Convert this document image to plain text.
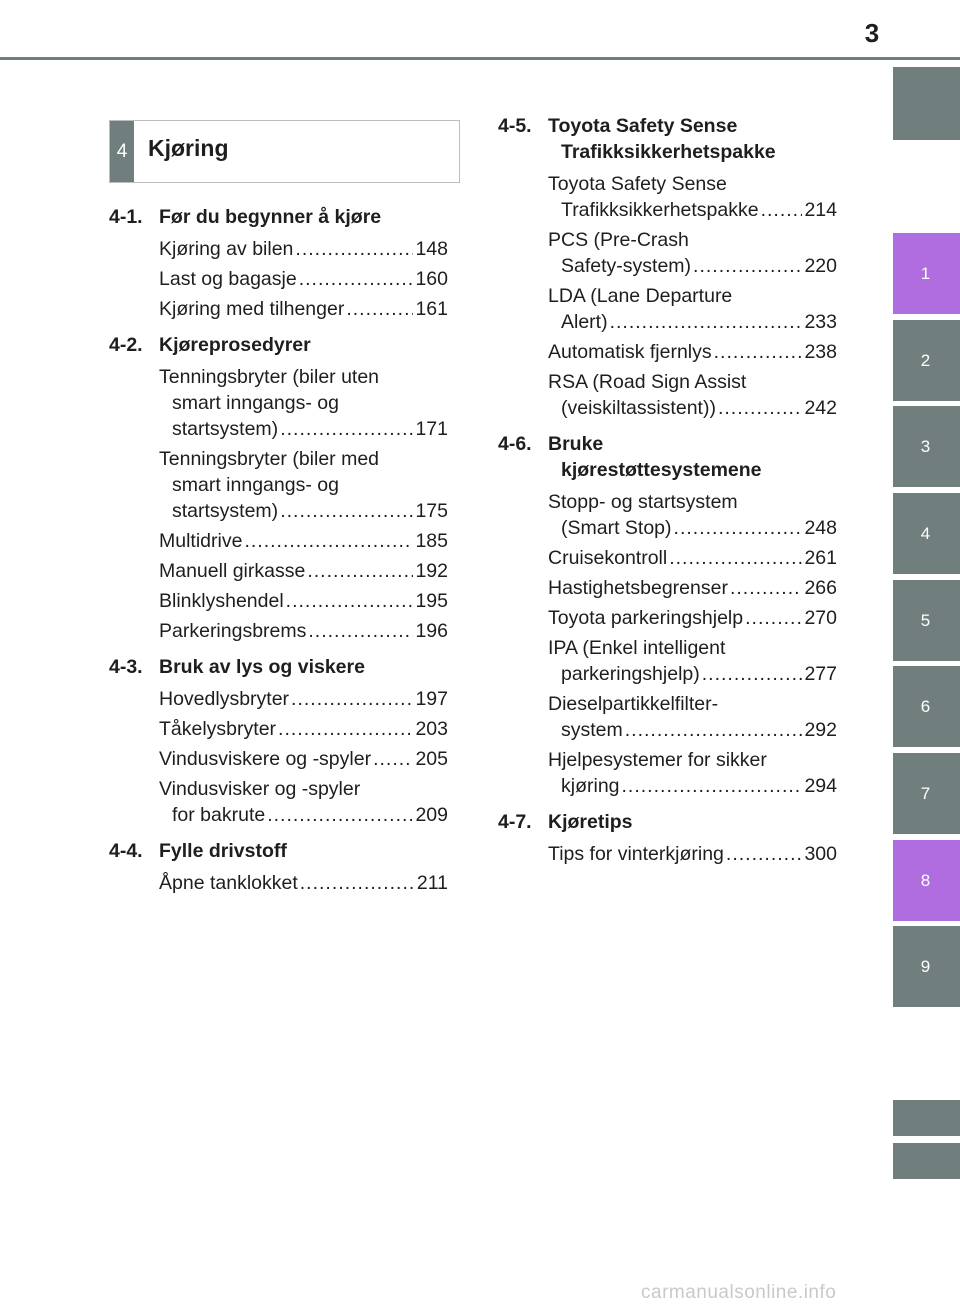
3
1
2
3
4
5
6
7
8
9
4 Kjøring
4-1. Før du begynner å kjøre
Kjøring av bilen .....	148
Last og bagasje .....	160
Kjøring med tilhenger .....	161
4-2. Kjøreprosedyrer
Tenningsbryter (biler uten
smart inngangs- og
startsystem) .....	171
Tenningsbryter (biler med
smart inngangs- og
startsystem) .....	175
Multidrive .....	185
Manuell girkasse .....	192
Blinklyshendel .....	195
Parkeringsbrems .....	196
4-3. Bruk av lys og viskere
Hovedlysbryter .....	197
Tåkelysbryter .....	203
Vindusviskere og -spyler ..... 205
Vindusvisker og -spyler
for bakrute .....	209
4-4. Fylle drivstoff
Åpne tanklokket .....	211
4-5. Toyota Safety Sense
Trafikksikkerhetspakke
Toyota Safety Sense
Trafikksikkerhetspakke ..... 214
PCS (Pre-Crash
Safety-system) .....	220
LDA (Lane Departure
Alert) .....	233
Automatisk fjernlys .....	238
RSA (Road Sign Assist
(veiskiltassistent)) .....	242
4-6. Bruke
kjørestøttesystemene
Stopp- og startsystem
(Smart Stop) .....	248
Cruisekontroll .....	261
Hastighetsbegrenser .....	266
Toyota parkeringshjelp .....	270
IPA (Enkel intelligent
parkeringshjelp) .....	277
Dieselpartikkelfilter-
system .....	292
Hjelpesystemer for sikker
kjøring .....	294
4-7. Kjøretips
Tips for vinterkjøring .....	300
carmanualsonline.info
